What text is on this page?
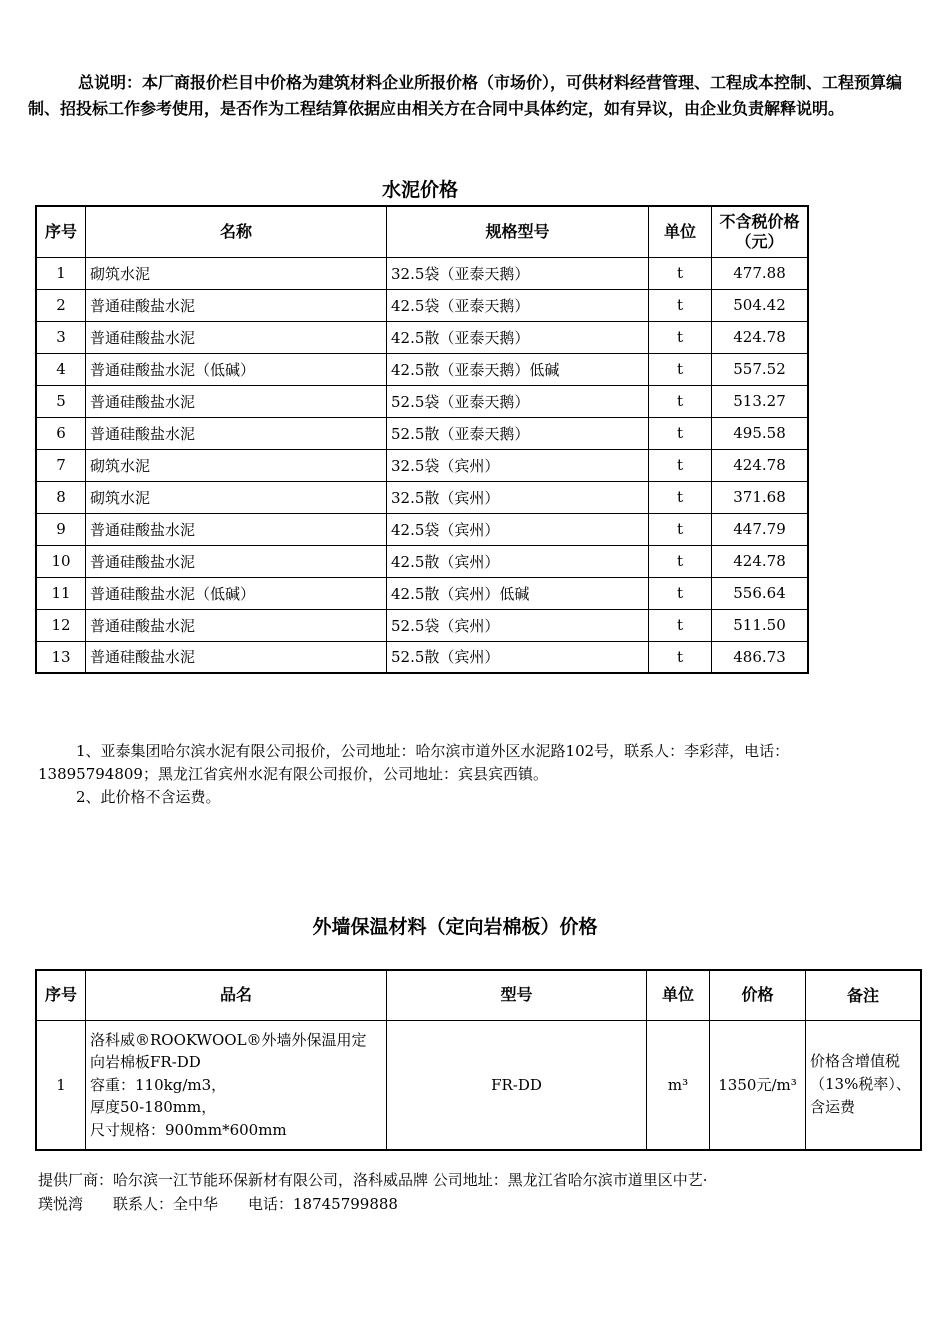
总说明：本厂商报价栏目中价格为建筑材料企业所报价格（市场价），可供材料经营管理、工程成本控制、工程预算编制、招投标工作参考使用，是否作为工程结算依据应由相关方在合同中具体约定，如有异议，由企业负责解释说明。
水泥价格
序号	名称	规格型号	单位	不含税价格（元）
1	砌筑水泥	32.5袋（亚泰天鹅）	t	477.88
2	普通硅酸盐水泥	42.5袋（亚泰天鹅）	t	504.42
3	普通硅酸盐水泥	42.5散（亚泰天鹅）	t	424.78
4	普通硅酸盐水泥（低碱）	42.5散（亚泰天鹅）低碱	t	557.52
5	普通硅酸盐水泥	52.5袋（亚泰天鹅）	t	513.27
6	普通硅酸盐水泥	52.5散（亚泰天鹅）	t	495.58
7	砌筑水泥	32.5袋（宾州）	t	424.78
8	砌筑水泥	32.5散（宾州）	t	371.68
9	普通硅酸盐水泥	42.5袋（宾州）	t	447.79
10	普通硅酸盐水泥	42.5散（宾州）	t	424.78
11	普通硅酸盐水泥（低碱）	42.5散（宾州）低碱	t	556.64
12	普通硅酸盐水泥	52.5袋（宾州）	t	511.50
13	普通硅酸盐水泥	52.5散（宾州）	t	486.73

1、亚泰集团哈尔滨水泥有限公司报价，公司地址：哈尔滨市道外区水泥路102号，联系人：李彩萍，电话：13895794809；黑龙江省宾州水泥有限公司报价，公司地址：宾县宾西镇。

2、此价格不含运费。

外墙保温材料（定向岩棉板）价格
序号	品名	型号	单位	价格	备注
1	洛科威®ROOKWOOL®外墙外保温用定
向岩棉板FR-DD
容重：110kg/m3，
厚度50-180mm，
尺寸规格：900mm*600mm	FR-DD	m³	1350元/m³	价格含增值税（13%税率）、含运费
提供厂商：哈尔滨一江节能环保新材有限公司，洛科威品牌 公司地址：黑龙江省哈尔滨市道里区中艺·
璞悦湾　　联系人：全中华　　电话：18745799888
